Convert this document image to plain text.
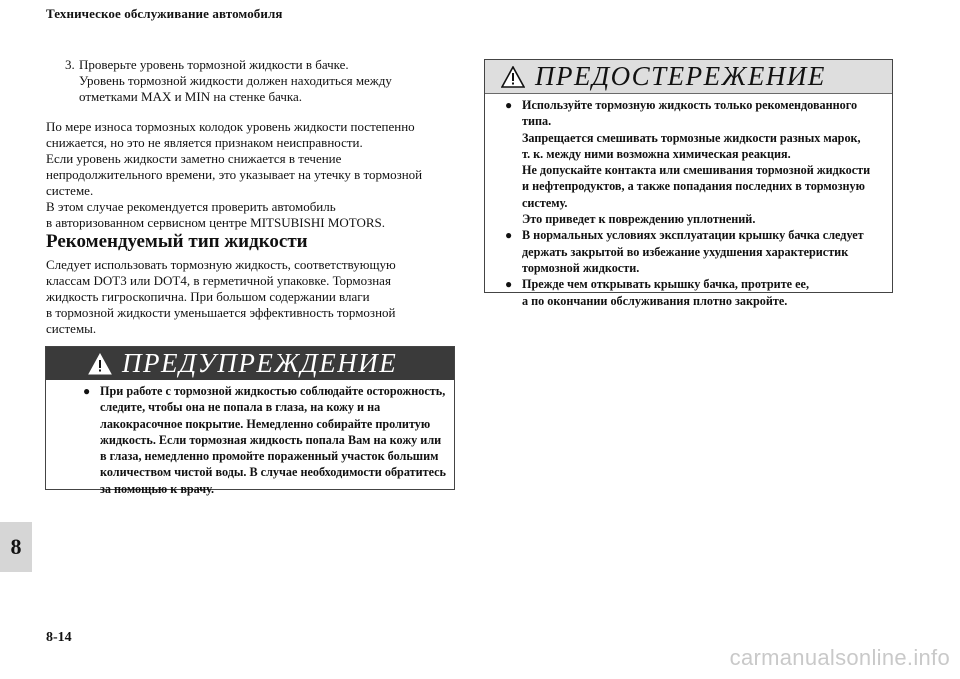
Техническое обслуживание автомобиля
3. Проверьте уровень тормозной жидкости в бачке.
Уровень тормозной жидкости должен находиться между
отметками MAX и MIN на стенке бачка.
По мере износа тормозных колодок уровень жидкости постепенно
снижается, но это не является признаком неисправности.
Если уровень жидкости заметно снижается в течение
непродолжительного времени, это указывает на утечку в тормозной
системе.
В этом случае рекомендуется проверить автомобиль
в авторизованном сервисном центре MITSUBISHI MOTORS.
Рекомендуемый тип жидкости
Следует использовать тормозную жидкость, соответствующую
классам DOT3 или DOT4, в герметичной упаковке. Тормозная
жидкость гигроскопична. При большом содержании влаги
в тормозной жидкости уменьшается эффективность тормозной
системы.
ПРЕДОСТЕРЕЖЕНИЕ
● Используйте тормозную жидкость только рекомендованного
типа.
Запрещается смешивать тормозные жидкости разных марок,
т. к. между ними возможна химическая реакция.
Не допускайте контакта или смешивания тормозной жидкости
и нефтепродуктов, а также попадания последних в тормозную
систему.
Это приведет к повреждению уплотнений.
● В нормальных условиях эксплуатации крышку бачка следует
держать закрытой во избежание ухудшения характеристик
тормозной жидкости.
● Прежде чем открывать крышку бачка, протрите ее,
а по окончании обслуживания плотно закройте.
ПРЕДУПРЕЖДЕНИЕ
● При работе с тормозной жидкостью соблюдайте осторожность,
следите, чтобы она не попала в глаза, на кожу и на
лакокрасочное покрытие. Немедленно собирайте пролитую
жидкость. Если тормозная жидкость попала Вам на кожу или
в глаза, немедленно промойте пораженный участок большим
количеством чистой воды. В случае необходимости обратитесь
за помощью к врачу.
8
8-14
carmanualsonline.info
